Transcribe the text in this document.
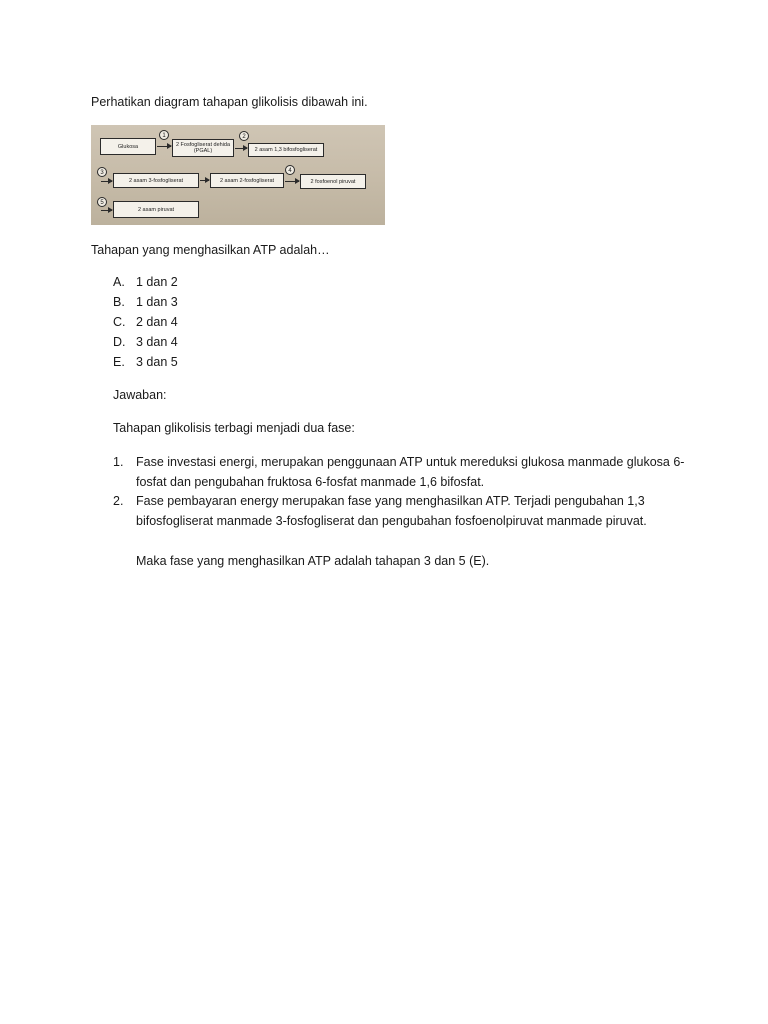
Perhatikan diagram tahapan glikolisis dibawah ini.
Glukosa
1
2 Fosfogliserat dehida (PGAL)
2
2 asam 1,3 bifosfogliserat
3
2 asam 3-fosfogliserat	2 asam 2-fosfogliserat
4
2 fosfoenol piruvat
5
2 asam piruvat
Tahapan yang menghasilkan ATP adalah…
A. 1 dan 2
B. 1 dan 3
C. 2 dan 4
D. 3 dan 4
E. 3 dan 5
Jawaban:
Tahapan glikolisis terbagi menjadi dua fase:
1. Fase investasi energi, merupakan penggunaan ATP untuk mereduksi glukosa manmade glukosa 6-fosfat dan pengubahan fruktosa 6-fosfat manmade 1,6 bifosfat.
2. Fase pembayaran energy merupakan fase yang menghasilkan ATP. Terjadi pengubahan 1,3 bifosfogliserat manmade 3-fosfogliserat dan pengubahan fosfoenolpiruvat manmade piruvat.
Maka fase yang menghasilkan ATP adalah tahapan 3 dan 5 (E).
